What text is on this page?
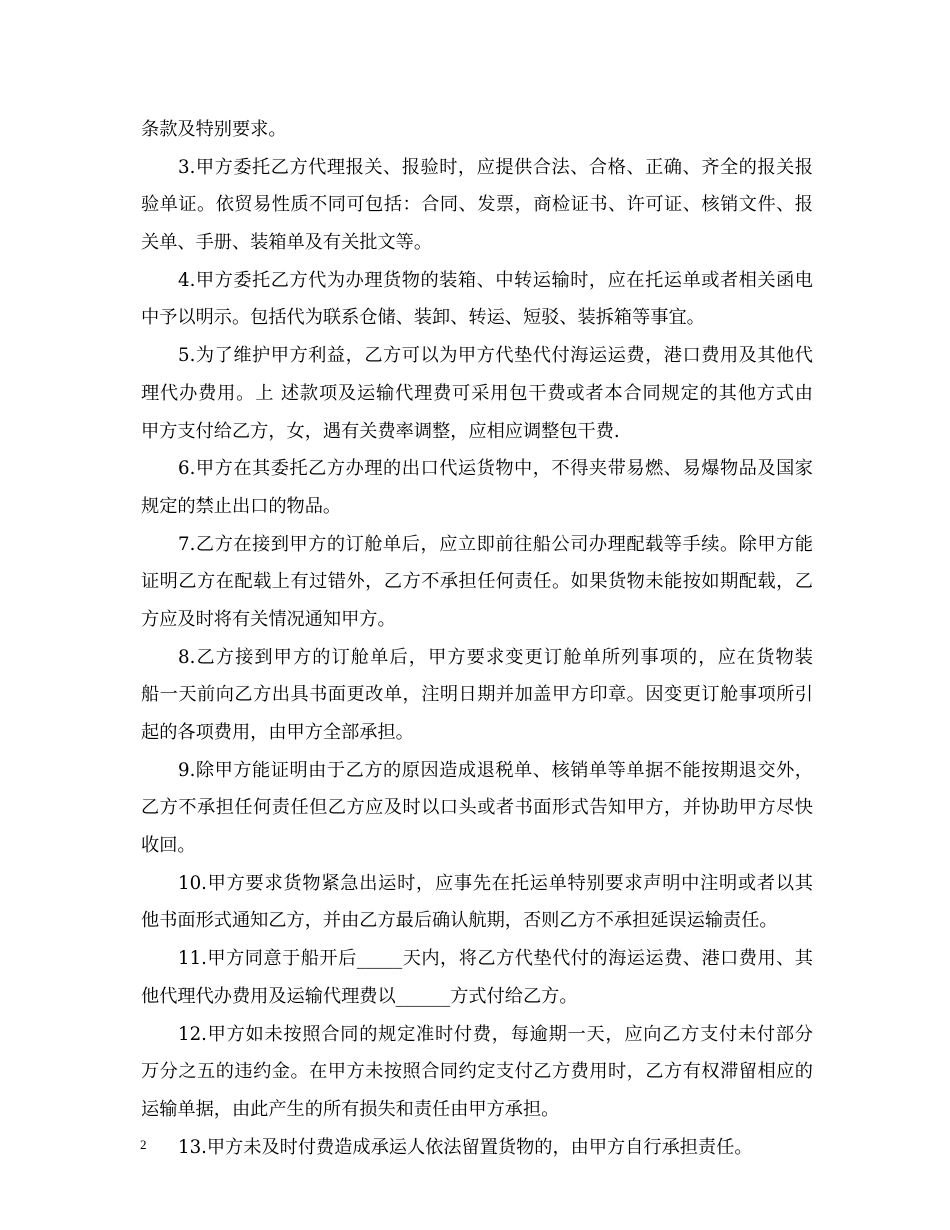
条款及特别要求。
3.甲方委托乙方代理报关、报验时，应提供合法、合格、正确、齐全的报关报
验单证。依贸易性质不同可包括：合同、发票，商检证书、许可证、核销文件、报
关单、手册、装箱单及有关批文等。
4.甲方委托乙方代为办理货物的装箱、中转运输时，应在托运单或者相关函电
中予以明示。包括代为联系仓储、装卸、转运、短驳、装拆箱等事宜。
5.为了维护甲方利益，乙方可以为甲方代垫代付海运运费，港口费用及其他代
理代办费用。上 述款项及运输代理费可采用包干费或者本合同规定的其他方式由
甲方支付给乙方，女，遇有关费率调整，应相应调整包干费.
6.甲方在其委托乙方办理的出口代运货物中，不得夹带易燃、易爆物品及国家
规定的禁止出口的物品。
7.乙方在接到甲方的订舱单后，应立即前往船公司办理配载等手续。除甲方能
证明乙方在配载上有过错外，乙方不承担任何责任。如果货物未能按如期配载，乙
方应及时将有关情况通知甲方。
8.乙方接到甲方的订舱单后，甲方要求变更订舱单所列事项的，应在货物装
船一天前向乙方出具书面更改单，注明日期并加盖甲方印章。因变更订舱事项所引
起的各项费用，由甲方全部承担。
9.除甲方能证明由于乙方的原因造成退税单、核销单等单据不能按期退交外，
乙方不承担任何责任但乙方应及时以口头或者书面形式告知甲方，并协助甲方尽快
收回。
10.甲方要求货物紧急出运时，应事先在托运单特别要求声明中注明或者以其
他书面形式通知乙方，并由乙方最后确认航期，否则乙方不承担延误运输责任。
11.甲方同意于船开后_____天内，将乙方代垫代付的海运运费、港口费用、其
他代理代办费用及运输代理费以______方式付给乙方。
12.甲方如未按照合同的规定准时付费，每逾期一天，应向乙方支付未付部分
万分之五的违约金。在甲方未按照合同约定支付乙方费用时，乙方有权滞留相应的
运输单据，由此产生的所有损失和责任由甲方承担。
13.甲方未及时付费造成承运人依法留置货物的，由甲方自行承担责任。
2
